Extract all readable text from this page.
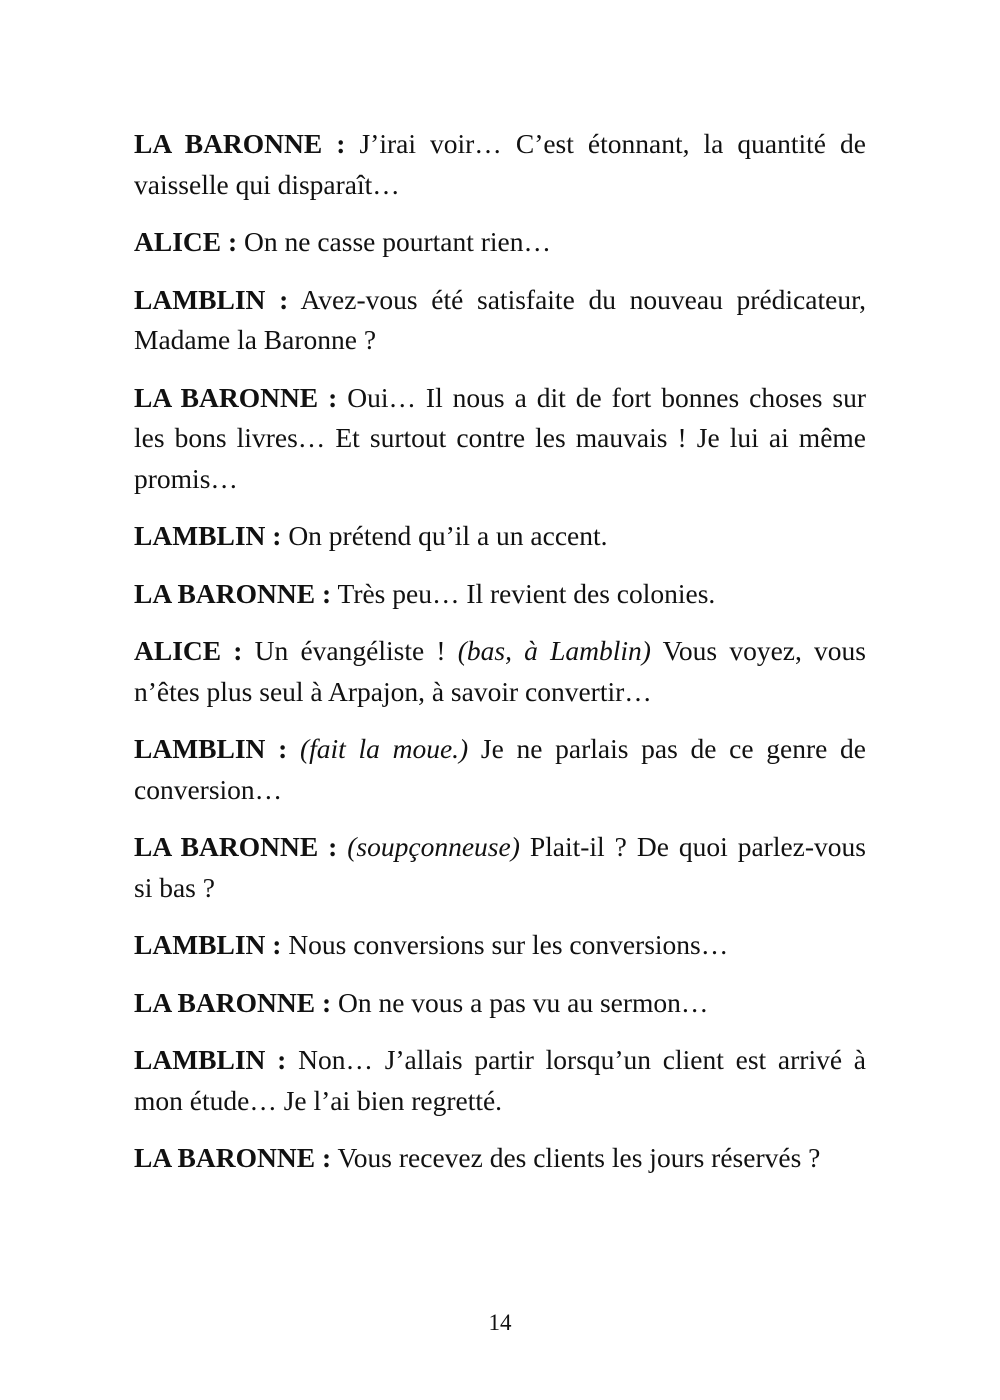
LA BARONNE : J’irai voir… C’est étonnant, la quantité de vaisselle qui disparaît…

ALICE : On ne casse pourtant rien…

LAMBLIN : Avez-vous été satisfaite du nouveau prédicateur, Madame la Baronne ?

LA BARONNE : Oui… Il nous a dit de fort bonnes choses sur les bons livres… Et surtout contre les mauvais ! Je lui ai même promis…

LAMBLIN : On prétend qu’il a un accent.

LA BARONNE : Très peu… Il revient des colonies.

ALICE : Un évangéliste ! (bas, à Lamblin) Vous voyez, vous n’êtes plus seul à Arpajon, à savoir convertir…

LAMBLIN : (fait la moue.) Je ne parlais pas de ce genre de conversion…

LA BARONNE : (soupçonneuse) Plait-il ? De quoi parlez-vous si bas ?

LAMBLIN : Nous conversions sur les conversions…

LA BARONNE : On ne vous a pas vu au sermon…

LAMBLIN : Non… J’allais partir lorsqu’un client est arrivé à mon étude… Je l’ai bien regretté.

LA BARONNE : Vous recevez des clients les jours réservés ?

14
